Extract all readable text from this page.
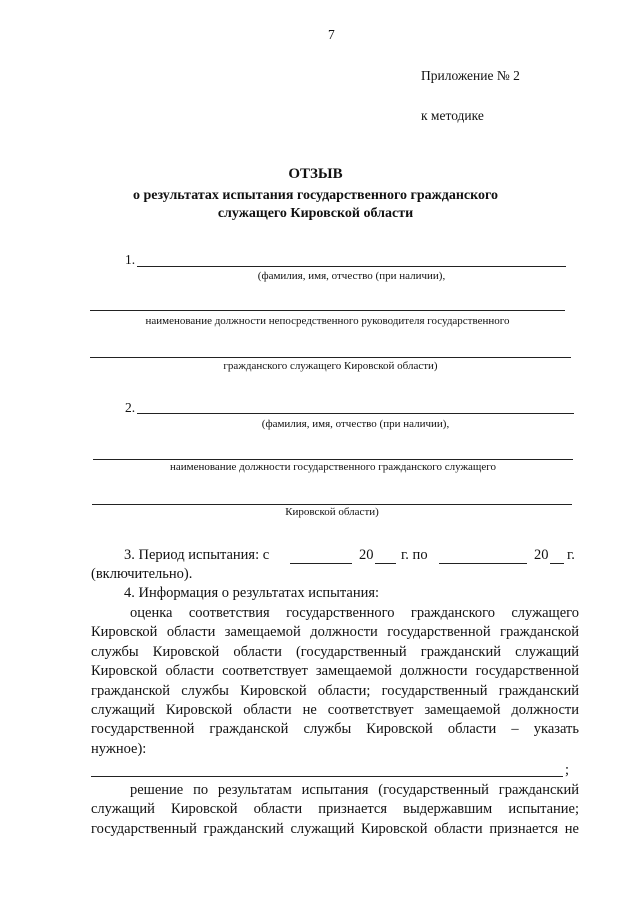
7
Приложение № 2
к методике
ОТЗЫВ
о результатах испытания государственного гражданского
служащего Кировской области
1.
(фамилия, имя, отчество (при наличии),
наименование должности непосредственного руководителя государственного
гражданского служащего Кировской области)
2.
(фамилия, имя, отчество (при наличии),
наименование должности государственного гражданского служащего
Кировской области)
3. Период испытания: с	20 г. по	20 г.
(включительно).
4. Информация о результатах испытания:
оценка соответствия государственного гражданского служащего
Кировской области замещаемой должности государственной гражданской
службы Кировской области (государственный гражданский служащий
Кировской области соответствует замещаемой должности государственной
гражданской службы Кировской области; государственный гражданский
служащий Кировской области не соответствует замещаемой должности
государственной гражданской службы Кировской области – указать
нужное):
;
решение по результатам испытания (государственный гражданский
служащий Кировской области признается выдержавшим испытание;
государственный гражданский служащий Кировской области признается не
